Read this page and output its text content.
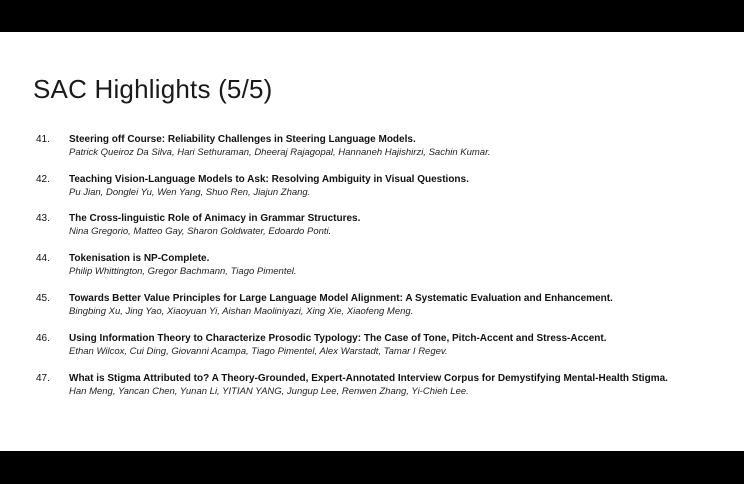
SAC Highlights (5/5)
41. Steering off Course: Reliability Challenges in Steering Language Models.
Patrick Queiroz Da Silva, Hari Sethuraman, Dheeraj Rajagopal, Hannaneh Hajishirzi, Sachin Kumar.
42. Teaching Vision-Language Models to Ask: Resolving Ambiguity in Visual Questions.
Pu Jian, Donglei Yu, Wen Yang, Shuo Ren, Jiajun Zhang.
43. The Cross-linguistic Role of Animacy in Grammar Structures.
Nina Gregorio, Matteo Gay, Sharon Goldwater, Edoardo Ponti.
44. Tokenisation is NP-Complete.
Philip Whittington, Gregor Bachmann, Tiago Pimentel.
45. Towards Better Value Principles for Large Language Model Alignment: A Systematic Evaluation and Enhancement.
Bingbing Xu, Jing Yao, Xiaoyuan Yi, Aishan Maoliniyazi, Xing Xie, Xiaofeng Meng.
46. Using Information Theory to Characterize Prosodic Typology: The Case of Tone, Pitch-Accent and Stress-Accent.
Ethan Wilcox, Cui Ding, Giovanni Acampa, Tiago Pimentel, Alex Warstadt, Tamar I Regev.
47. What is Stigma Attributed to? A Theory-Grounded, Expert-Annotated Interview Corpus for Demystifying Mental-Health Stigma.
Han Meng, Yancan Chen, Yunan Li, YITIAN YANG, Jungup Lee, Renwen Zhang, Yi-Chieh Lee.
